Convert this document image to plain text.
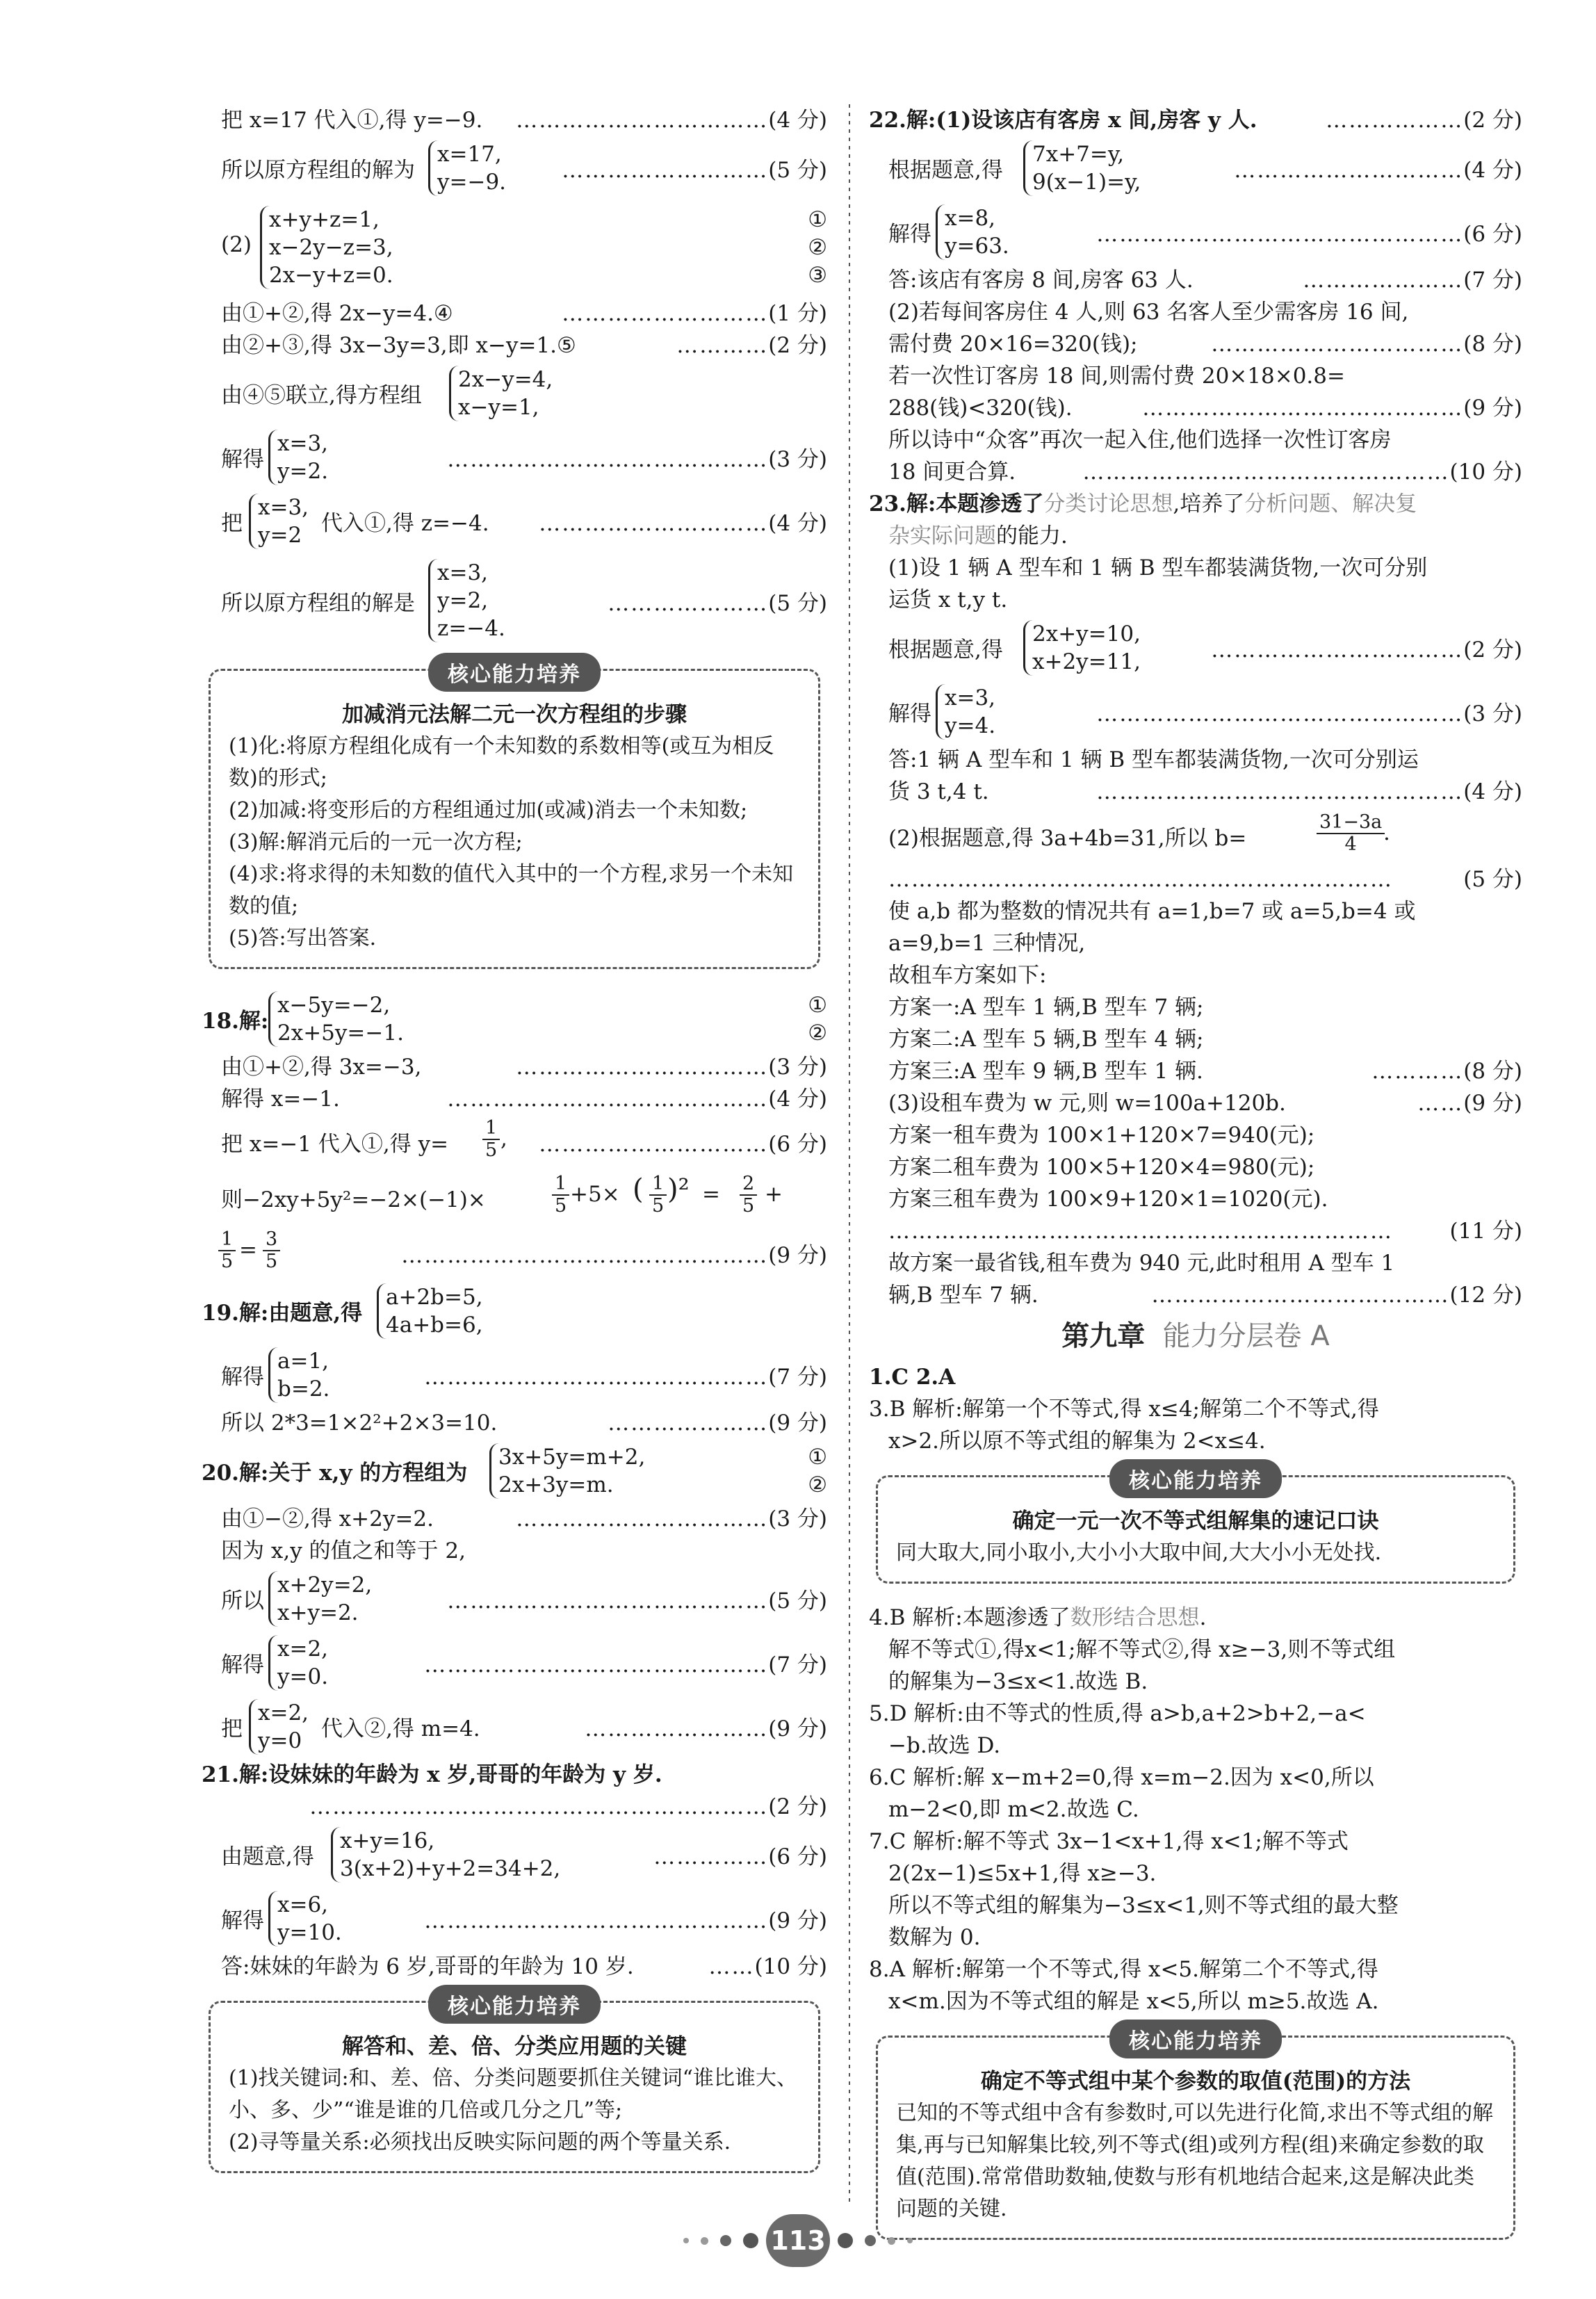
把 x=17 代入①,得 y=−9. ……………………………(4 分)
所以原方程组的解为
x=17,
y=−9.	………………………(5 分)
(2)
x+y+z=1,
x−2y−z=3,
2x−y+z=0.
①
②
③
由①+②,得 2x−y=4.④	………………………(1 分)
由②+③,得 3x−3y=3,即 x−y=1.⑤	…………(2 分)
由④⑤联立,得方程组
2x−y=4,
x−y=1,
解得
x=3,
y=2.	……………………………………(3 分)
把
x=3,
y=2 代入①,得 z=−4. …………………………(4 分)
所以原方程组的解是
x=3,
y=2,
z=−4.
…………………(5 分)
核心能力培养
加减消元法解二元一次方程组的步骤

(1)化:将原方程组化成有一个未知数的系数相等(或互为相反数)的形式;

(2)加减:将变形后的方程组通过加(或减)消去一个未知数;

(3)解:解消元后的一元一次方程;

(4)求:将求得的未知数的值代入其中的一个方程,求另一个未知数的值;

(5)答:写出答案.

18.解:
x−5y=−2,
2x+5y=−1.
①
②
由①+②,得 3x=−3,	……………………………(3 分)
解得 x=−1.	……………………………………(4 分)
把 x=−1 代入①,得 $y= \frac{1}{5}$ , …………………………(6 分)
则−2xy+5y²=−2×(−1)×	$\frac{1}{5} +5\times$ ( $\frac{1}{5} )^2 = \frac{2}{5}$ +
$\frac{1}{5} = \frac{3}{5}$	…………………………………………(9 分)
19.解:由题意,得
a+2b=5,
4a+b=6,
解得
a=1,
b=2.	………………………………………(7 分)
所以 2*3=1×2²+2×3=10.	…………………(9 分)
20.解:关于 x,y 的方程组为
3x+5y=m+2,
2x+3y=m.
①
②
由①−②,得 x+2y=2.	……………………………(3 分)
因为 x,y 的值之和等于 2,
所以
x+2y=2,
x+y=2.	……………………………………(5 分)
解得
x=2,
y=0.	………………………………………(7 分)
把
x=2,
y=0 代入②,得 m=4.	……………………(9 分)
21.解:设妹妹的年龄为 x 岁,哥哥的年龄为 y 岁.
……………………………………………………(2 分)
由题意,得
x+y=16,
3(x+2)+y+2=34+2,	……………(6 分)
解得
x=6,
y=10.	………………………………………(9 分)
答:妹妹的年龄为 6 岁,哥哥的年龄为 10 岁.	……(10 分)
核心能力培养
解答和、差、倍、分类应用题的关键

(1)找关键词:和、差、倍、分类问题要抓住关键词“谁比谁大、小、多、少”“谁是谁的几倍或几分之几”等;

(2)寻等量关系:必须找出反映实际问题的两个等量关系.

22.解:(1)设该店有客房 x 间,房客 y 人.	………………(2 分)
根据题意,得
7x+7=y,
9(x−1)=y,	…………………………(4 分)
解得
x=8,
y=63.	…………………………………………(6 分)
答:该店有客房 8 间,房客 63 人.	…………………(7 分)
(2)若每间客房住 4 人,则 63 名客人至少需客房 16 间,
需付费 20×16=320(钱);	……………………………(8 分)
若一次性订客房 18 间,则需付费 20×18×0.8=
288(钱)<320(钱).	……………………………………(9 分)
所以诗中“众客”再次一起入住,他们选择一次性订客房
18 间更合算.	…………………………………………(10 分)
23.解:本题渗透了分类讨论思想,培养了分析问题、解决复
杂实际问题的能力.
(1)设 1 辆 A 型车和 1 辆 B 型车都装满货物,一次可分别
运货 x t,y t.
根据题意,得
2x+y=10,
x+2y=11,	……………………………(2 分)
解得
x=3,
y=4.	…………………………………………(3 分)
答:1 辆 A 型车和 1 辆 B 型车都装满货物,一次可分别运
货 3 t,4 t.	…………………………………………(4 分)
(2)根据题意,得 3a+4b=31,所以 b=	$\frac{31-3a}{4}$
.
…………………………………………………………	(5 分)
使 a,b 都为整数的情况共有 a=1,b=7 或 a=5,b=4 或
a=9,b=1 三种情况,
故租车方案如下:
方案一:A 型车 1 辆,B 型车 7 辆;
方案二:A 型车 5 辆,B 型车 4 辆;
方案三:A 型车 9 辆,B 型车 1 辆.	…………(8 分)
(3)设租车费为 w 元,则 w=100a+120b.	……(9 分)
方案一租车费为 100×1+120×7=940(元);
方案二租车费为 100×5+120×4=980(元);
方案三租车费为 100×9+120×1=1020(元).
…………………………………………………………	(11 分)
故方案一最省钱,租车费为 940 元,此时租用 A 型车 1
辆,B 型车 7 辆.	…………………………………(12 分)
第九章 能力分层卷 A
1.C 2.A
3.B 解析:解第一个不等式,得 x≤4;解第二个不等式,得
x>2.所以原不等式组的解集为 2<x≤4.
核心能力培养
确定一元一次不等式组解集的速记口诀

同大取大,同小取小,大小小大取中间,大大小小无处找.

4.B 解析:本题渗透了数形结合思想.
解不等式①,得x<1;解不等式②,得 x≥−3,则不等式组
的解集为−3≤x<1.故选 B.
5.D 解析:由不等式的性质,得 a>b,a+2>b+2,−a<
−b.故选 D.
6.C 解析:解 x−m+2=0,得 x=m−2.因为 x<0,所以
m−2<0,即 m<2.故选 C.
7.C 解析:解不等式 3x−1<x+1,得 x<1;解不等式
2(2x−1)≤5x+1,得 x≥−3.
所以不等式组的解集为−3≤x<1,则不等式组的最大整
数解为 0.
8.A 解析:解第一个不等式,得 x<5.解第二个不等式,得
x<m.因为不等式组的解是 x<5,所以 m≥5.故选 A.
核心能力培养
确定不等式组中某个参数的取值(范围)的方法

已知的不等式组中含有参数时,可以先进行化简,求出不等式组的解集,再与已知解集比较,列不等式(组)或列方程(组)来确定参数的取值(范围).常常借助数轴,使数与形有机地结合起来,这是解决此类问题的关键.

113
